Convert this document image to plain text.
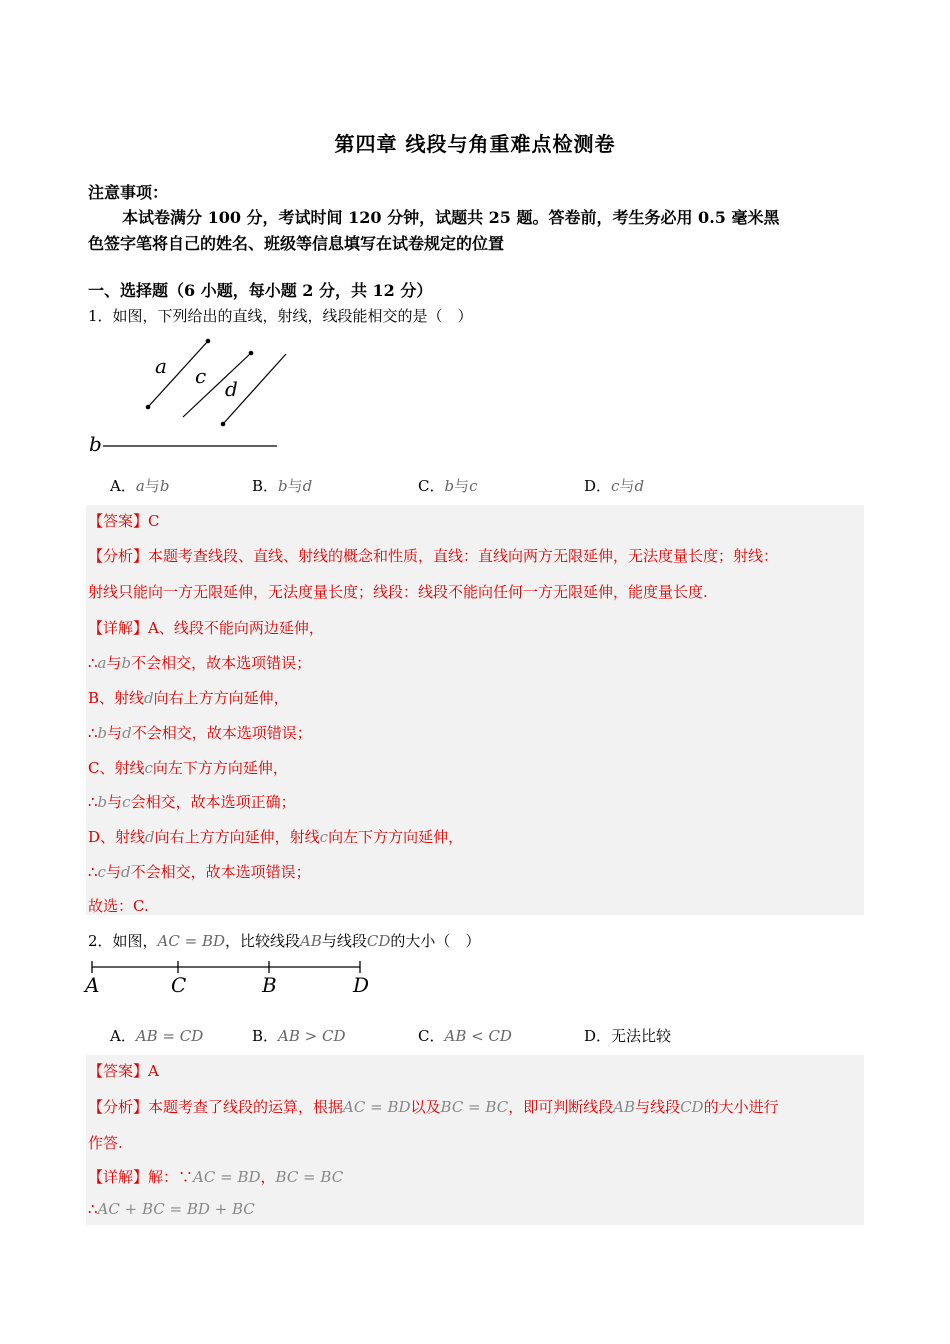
第四章 线段与角重难点检测卷
注意事项：
本试卷满分 100 分，考试时间 120 分钟，试题共 25 题。答卷前，考生务必用 0.5 毫米黑
色签字笔将自己的姓名、班级等信息填写在试卷规定的位置
一、选择题（6 小题，每小题 2 分，共 12 分）
1．如图，下列给出的直线，射线，线段能相交的是（　）
a c
d
b
A．a与b	B．b与d	C．b与c	D．c与d
【答案】C
【分析】本题考查线段、直线、射线的概念和性质，直线：直线向两方无限延伸，无法度量长度；射线：
射线只能向一方无限延伸，无法度量长度；线段：线段不能向任何一方无限延伸，能度量长度.
【详解】A、线段不能向两边延伸，
∴a与b不会相交，故本选项错误；
B、射线d向右上方方向延伸，
∴b与d不会相交，故本选项错误；
C、射线c向左下方方向延伸，
∴b与c会相交，故本选项正确；
D、射线d向右上方方向延伸，射线c向左下方方向延伸，
∴c与d不会相交，故本选项错误；
故选：C.
2．如图，AC = BD，比较线段AB与线段CD的大小（　）
A	C	B	D
A．AB = CD	B．AB > CD	C．AB < CD	D．无法比较
【答案】A
【分析】本题考查了线段的运算，根据AC = BD以及BC = BC，即可判断线段AB与线段CD的大小进行
作答.
【详解】解：∵AC = BD，BC = BC
∴AC + BC = BD + BC
